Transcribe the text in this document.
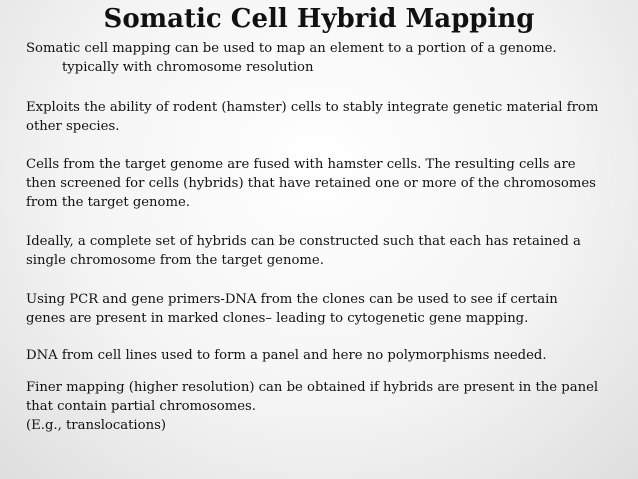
Somatic Cell Hybrid Mapping
Somatic cell mapping can be used to map an element to a portion of a genome.
typically with chromosome resolution
Exploits the ability of rodent (hamster) cells to stably integrate genetic material from
other species.
Cells from the target genome are fused with hamster cells. The resulting cells are
then screened for cells (hybrids) that have retained one or more of the chromosomes
from the target genome.
Ideally, a complete set of hybrids can be constructed such that each has retained a
single chromosome from the target genome.
Using PCR and gene primers-DNA from the clones can be used to see if certain
genes are present in marked clones– leading to cytogenetic gene mapping.
DNA from cell lines used to form a panel and here no polymorphisms needed.
Finer mapping (higher resolution) can be obtained if hybrids are present in the panel
that contain partial chromosomes.
(E.g., translocations)
